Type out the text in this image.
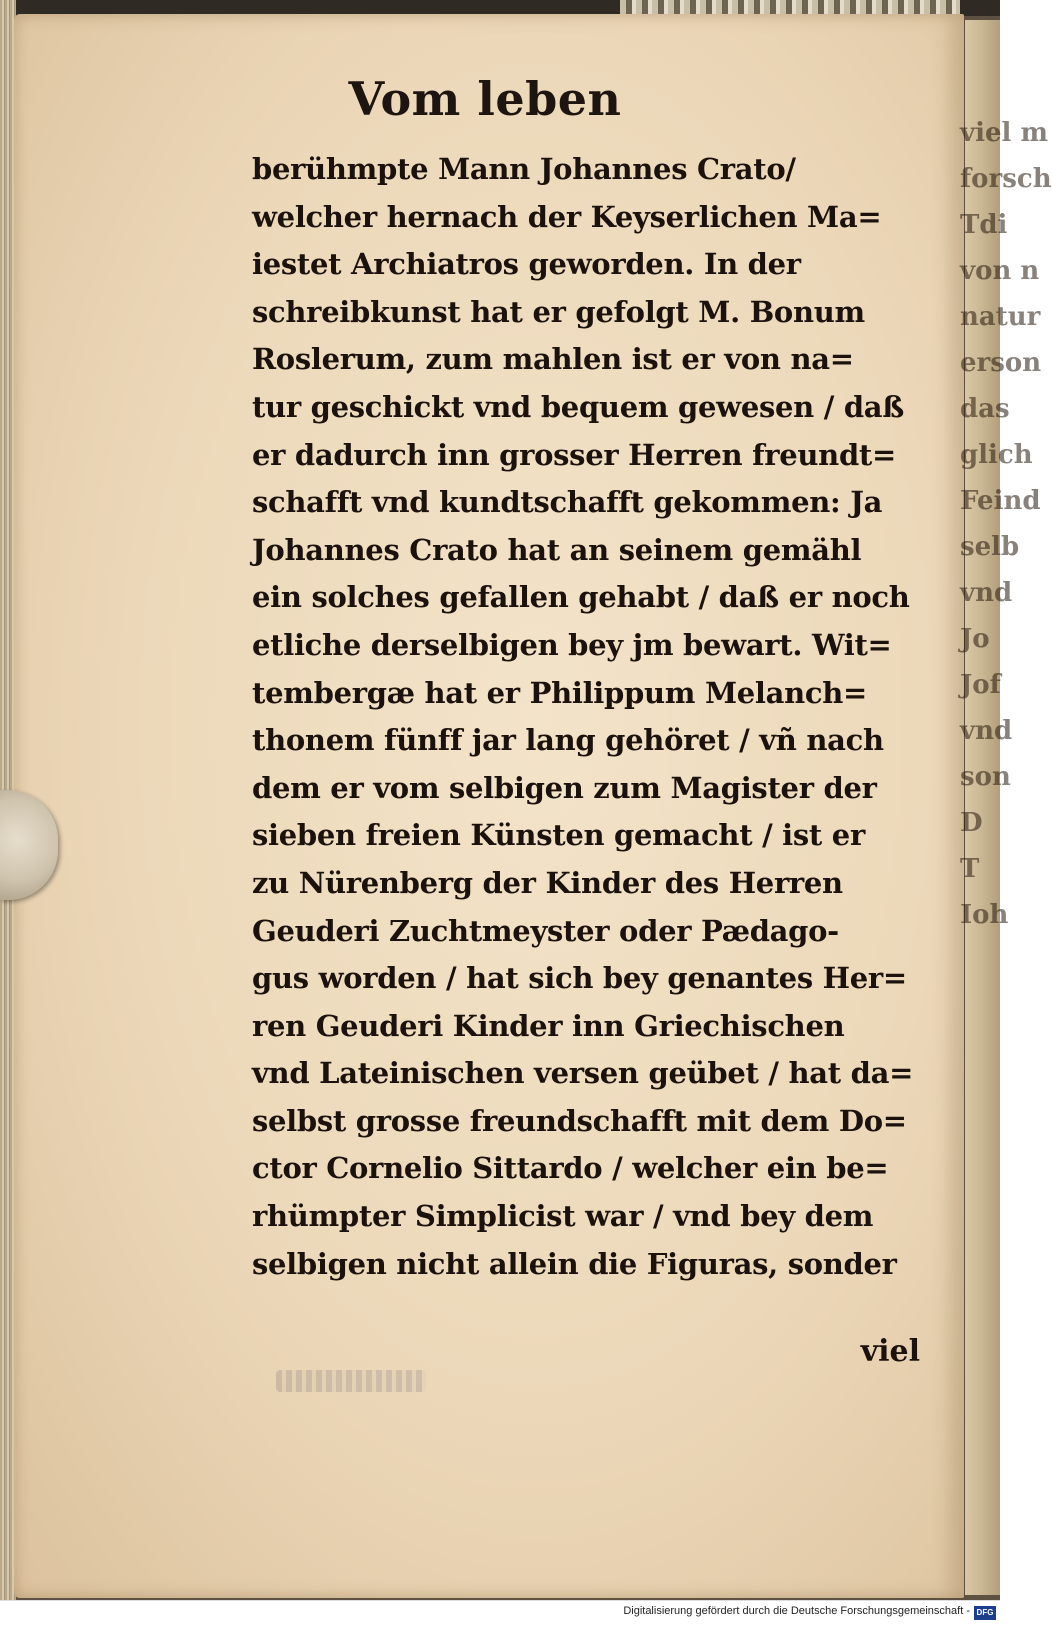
viel m
forsch
Tdi
von n
natur
erson
das
glich
Feind
selb
vnd
Jo
Jof
vnd
son
D
T
Ioh
Vom leben
berühmpte Mann Johannes Crato/
welcher hernach der Keyserlichen Ma=
iestet Archiatros geworden. In der
schreibkunst hat er gefolgt M. Bonum
Roslerum, zum mahlen ist er von na=
tur geschickt vnd bequem gewesen / daß
er dadurch inn grosser Herren freundt=
schafft vnd kundtschafft gekommen: Ja
Johannes Crato hat an seinem gemähl
ein solches gefallen gehabt / daß er noch
etliche derselbigen bey jm bewart. Wit=
tembergæ hat er Philippum Melanch=
thonem fünff jar lang gehöret / vñ nach
dem er vom selbigen zum Magister der
sieben freien Künsten gemacht / ist er
zu Nürenberg der Kinder des Herren
Geuderi Zuchtmeyster oder Pædago-
gus worden / hat sich bey genantes Her=
ren Geuderi Kinder inn Griechischen
vnd Lateinischen versen geübet / hat da=
selbst grosse freundschafft mit dem Do=
ctor Cornelio Sittardo / welcher ein be=
rhümpter Simplicist war / vnd bey dem
selbigen nicht allein die Figuras, sonder
viel
Digitalisierung gefördert durch die Deutsche Forschungsgemeinschaft - DFG
